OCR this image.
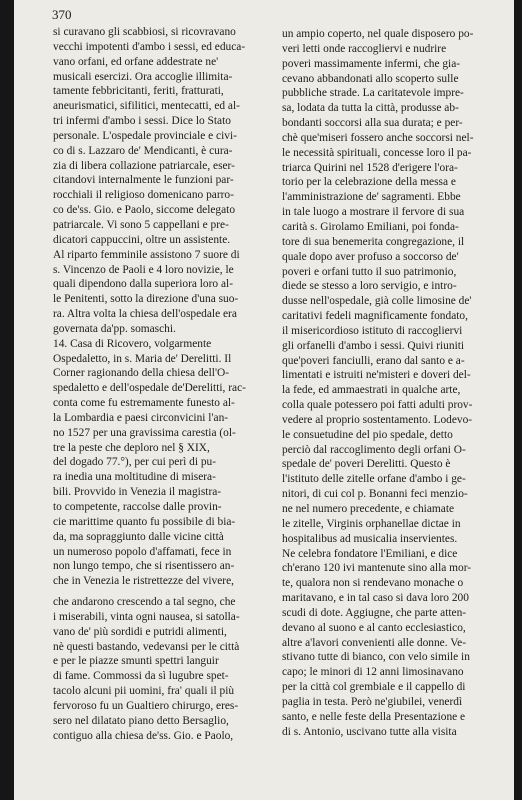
370
si curavano gli scabbiosi, si ricovravano
vecchi impotenti d'ambo i sessi, ed educa-
vano orfani, ed orfane addestrate ne'
musicali esercizi. Ora accoglie illimita-
tamente febbricitanti, feriti, fratturati,
aneurismatici, sifilitici, mentecatti, ed al-
tri infermi d'ambo i sessi. Dice lo Stato
personale. L'ospedale provinciale e civi-
co di s. Lazzaro de' Mendicanti, è cura-
zia di libera collazione patriarcale, eser-
citandovi internalmente le funzioni par-
rocchiali il religioso domenicano parro-
co de'ss. Gio. e Paolo, siccome delegato
patriarcale. Vi sono 5 cappellani e pre-
dicatori cappuccini, oltre un assistente.
Al riparto femminile assistono 7 suore di
s. Vincenzo de Paoli e 4 loro novizie, le
quali dipendono dalla superiora loro al-
le Penitenti, sotto la direzione d'una suo-
ra. Altra volta la chiesa dell'ospedale era
governata da'pp. somaschi.
14. Casa di Ricovero, volgarmente
Ospedaletto, in s. Maria de' Derelitti. Il
Corner ragionando della chiesa dell'O-
spedaletto e dell'ospedale de'Derelitti, rac-
conta come fu estremamente funesto al-
la Lombardia e paesi circonvicini l'an-
no 1527 per una gravissima carestia (ol-
tre la peste che deploro nel § XIX,
del dogado 77.°), per cui perì di pu-
ra inedia una moltitudine di misera-
bili. Provvido in Venezia il magistra-
to competente, raccolse dalle provin-
cie marittime quanto fu possibile di bia-
da, ma sopraggiunto dalle vicine città
un numeroso popolo d'affamati, fece in
non lungo tempo, che si risentissero an-
che in Venezia le ristrettezze del vivere,
che andarono crescendo a tal segno, che
i miserabili, vinta ogni nausea, si satolla-
vano de' più sordidi e putridi alimenti,
nè questi bastando, vedevansi per le città
e per le piazze smunti spettri languir
di fame. Commossi da sì lugubre spet-
tacolo alcuni pii uomini, fra' quali il più
fervoroso fu un Gualtiero chirurgo, eres-
sero nel dilatato piano detto Bersaglio,
contiguo alla chiesa de'ss. Gio. e Paolo,
un ampio coperto, nel quale disposero po-
veri letti onde raccogliervi e nudrire
poveri massimamente infermi, che gia-
cevano abbandonati allo scoperto sulle
pubbliche strade. La caritatevole impre-
sa, lodata da tutta la città, produsse ab-
bondanti soccorsi alla sua durata; e per-
chè que'miseri fossero anche soccorsi nel-
le necessità spirituali, concesse loro il pa-
triarca Quirini nel 1528 d'erigere l'ora-
torio per la celebrazione della messa e
l'amministrazione de' sagramenti. Ebbe
in tale luogo a mostrare il fervore di sua
carità s. Girolamo Emiliani, poi fonda-
tore di sua benemerita congregazione, il
quale dopo aver profuso a soccorso de'
poveri e orfani tutto il suo patrimonio,
diede se stesso a loro servigio, e intro-
dusse nell'ospedale, già colle limosine de'
caritativi fedeli magnificamente fondato,
il misericordioso istituto di raccogliervi
gli orfanelli d'ambo i sessi. Quivi riuniti
que'poveri fanciulli, erano dal santo e a-
limentati e istruiti ne'misteri e doveri del-
la fede, ed ammaestrati in qualche arte,
colla quale potessero poi fatti adulti prov-
vedere al proprio sostentamento. Lodevo-
le consuetudine del pio spedale, detto
perciò dal raccoglimento degli orfani O-
spedale de' poveri Derelitti. Questo è
l'istituto delle zitelle orfane d'ambo i ge-
nitori, di cui col p. Bonanni feci menzio-
ne nel numero precedente, e chiamate
le zitelle, Virginis orphanellae dictae in
hospitalibus ad musicalia inservientes.
Ne celebra fondatore l'Emiliani, e dice
ch'erano 120 ivi mantenute sino alla mor-
te, qualora non si rendevano monache o
maritavano, e in tal caso si dava loro 200
scudi di dote. Aggiugne, che parte atten-
devano al suono e al canto ecclesiastico,
altre a'lavori convenienti alle donne. Ve-
stivano tutte di bianco, con velo simile in
capo; le minori di 12 anni limosinavano
per la città col grembiale e il cappello di
paglia in testa. Però ne'giubilei, venerdì
santo, e nelle feste della Presentazione e
di s. Antonio, uscivano tutte alla visita
